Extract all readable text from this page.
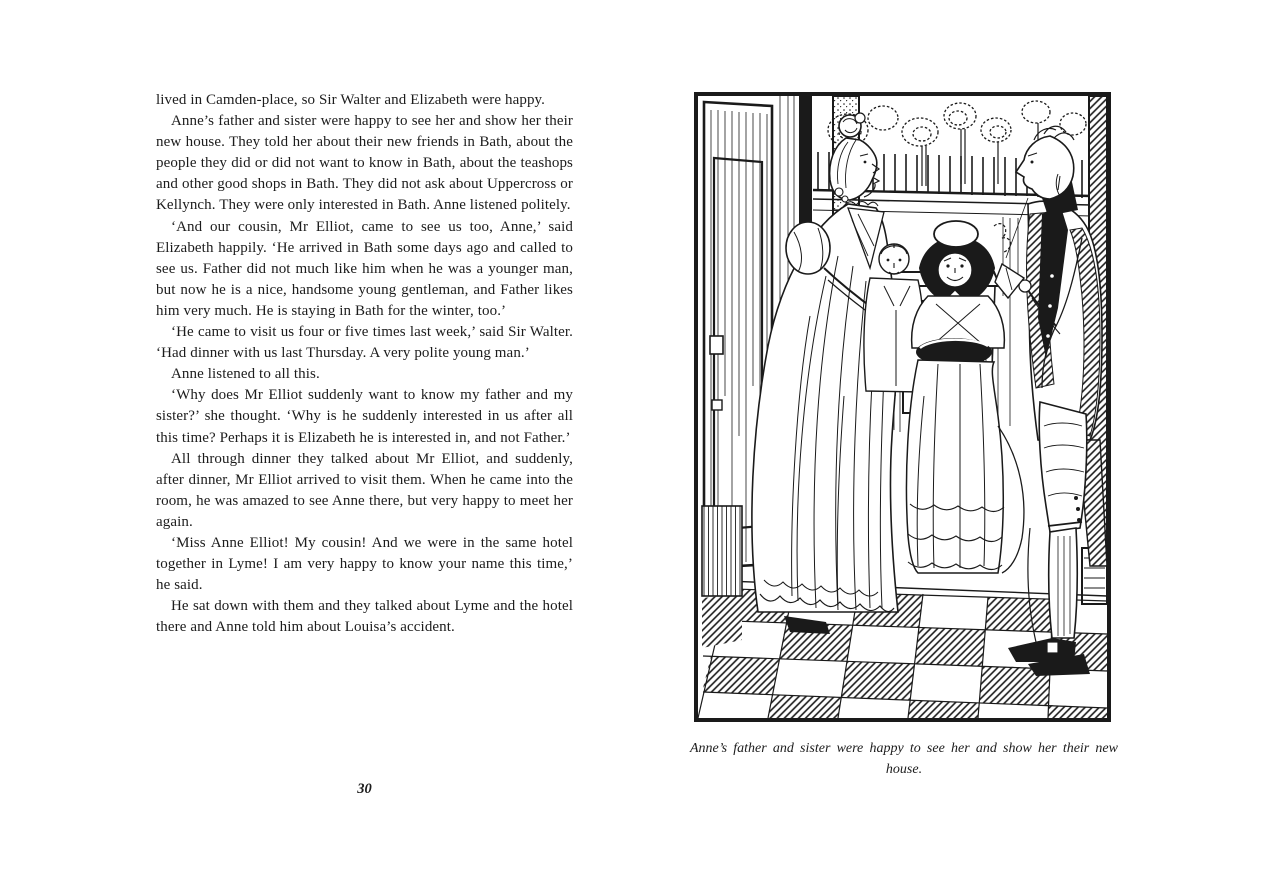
lived in Camden-place, so Sir Walter and Elizabeth were happy.

Anne’s father and sister were happy to see her and show her their new house. They told her about their new friends in Bath, about the people they did or did not want to know in Bath, about the teashops and other good shops in Bath. They did not ask about Uppercross or Kellynch. They were only interested in Bath. Anne listened politely.

‘And our cousin, Mr Elliot, came to see us too, Anne,’ said Elizabeth happily. ‘He arrived in Bath some days ago and called to see us. Father did not much like him when he was a younger man, but now he is a nice, handsome young gentleman, and Father likes him very much. He is staying in Bath for the winter, too.’

‘He came to visit us four or five times last week,’ said Sir Walter. ‘Had dinner with us last Thursday. A very polite young man.’

Anne listened to all this.

‘Why does Mr Elliot suddenly want to know my father and my sister?’ she thought. ‘Why is he suddenly interested in us after all this time? Perhaps it is Elizabeth he is interested in, and not Father.’

All through dinner they talked about Mr Elliot, and suddenly, after dinner, Mr Elliot arrived to visit them. When he came into the room, he was amazed to see Anne there, but very happy to meet her again.

‘Miss Anne Elliot! My cousin! And we were in the same hotel together in Lyme! I am very happy to know your name this time,’ he said.

He sat down with them and they talked about Lyme and the hotel there and Anne told him about Louisa’s accident.

30
Anne’s father and sister were happy to see her and show her their new house.
